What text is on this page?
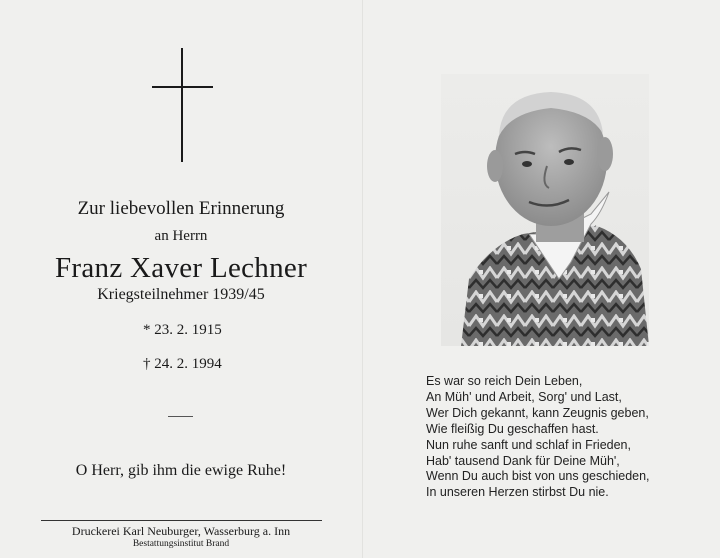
Zur liebevollen Erinnerung
an Herrn
Franz Xaver Lechner
Kriegsteilnehmer 1939/45
* 23. 2. 1915
† 24. 2. 1994
O Herr, gib ihm die ewige Ruhe!
Druckerei Karl Neuburger, Wasserburg a. Inn
Bestattungsinstitut Brand
Es war so reich Dein Leben,
An Müh' und Arbeit, Sorg' und Last,
Wer Dich gekannt, kann Zeugnis geben,
Wie fleißig Du geschaffen hast.
Nun ruhe sanft und schlaf in Frieden,
Hab' tausend Dank für Deine Müh',
Wenn Du auch bist von uns geschieden,
In unseren Herzen stirbst Du nie.
